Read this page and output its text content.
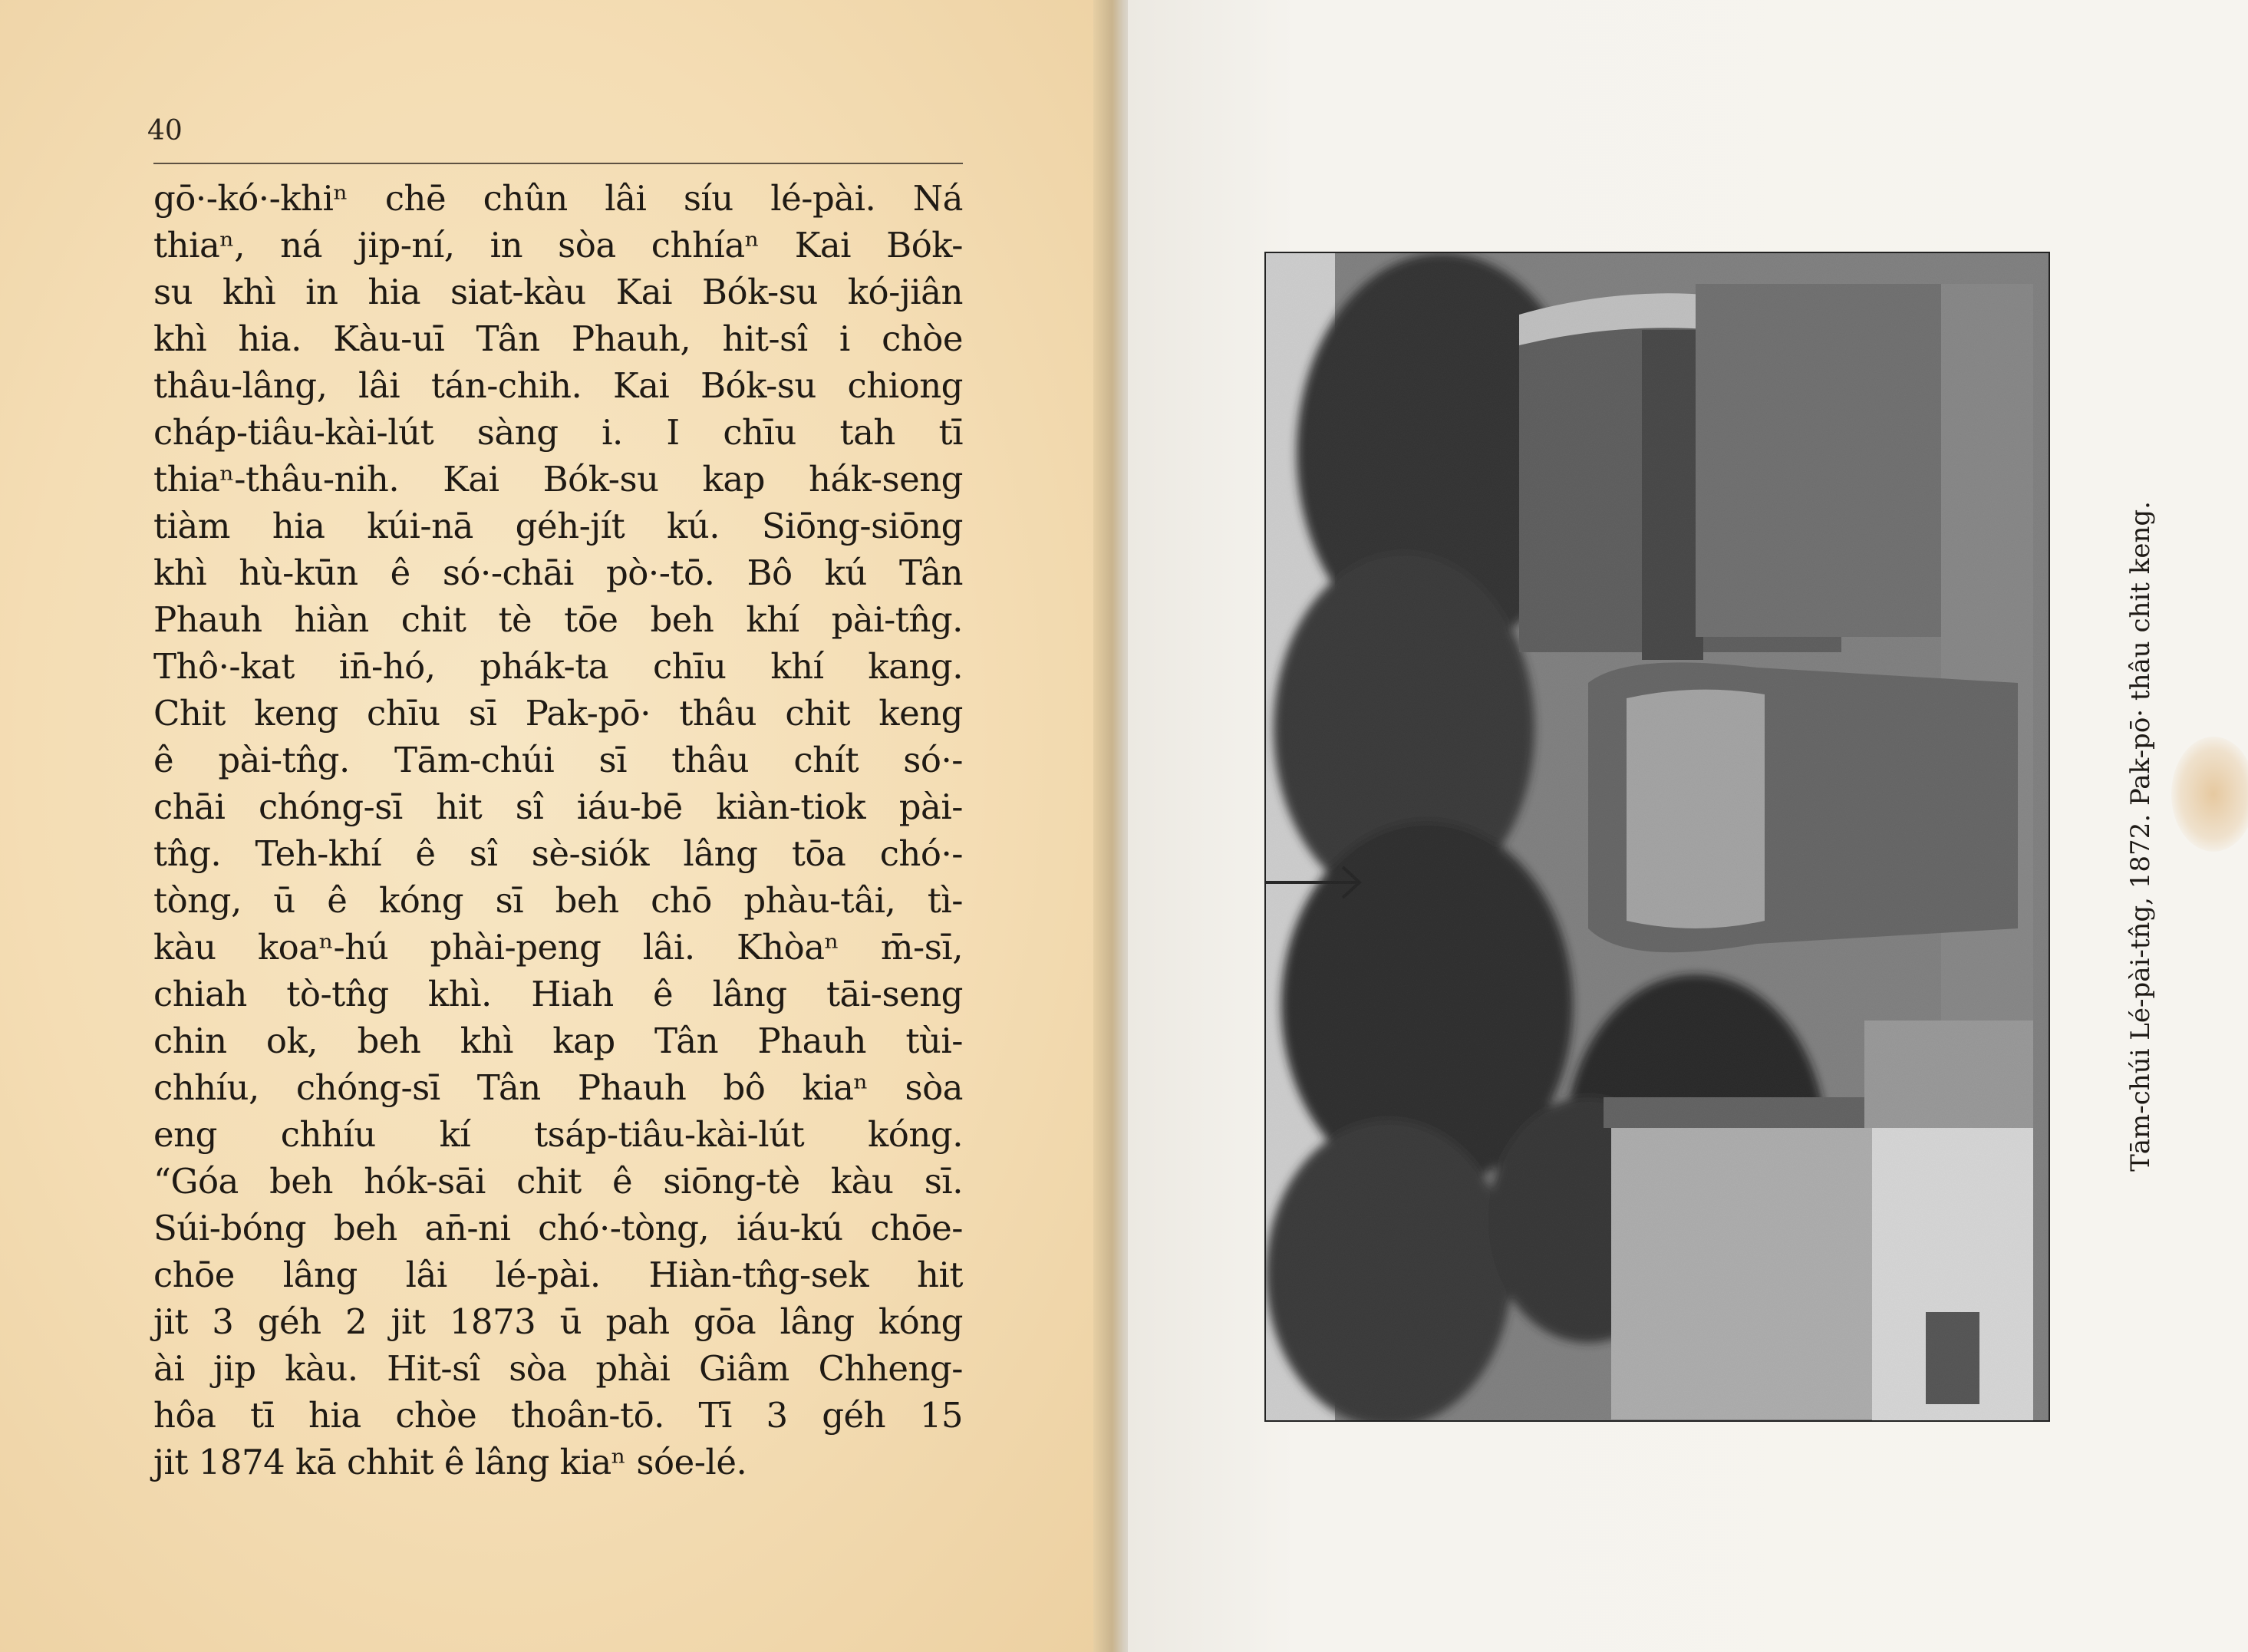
40
gō·-kó·-khiⁿ chē chûn lâi síu lé-pài. Ná
thiaⁿ, ná jip-ní, in sòa chhíaⁿ Kai Bók-
su khì in hia siat-kàu Kai Bók-su kó-jiân
khì hia. Kàu-uī Tân Phauh, hit-sî i chòe
thâu-lâng, lâi tán-chih. Kai Bók-su chiong
cháp-tiâu-kài-lút sàng i. I chīu tah tī
thiaⁿ-thâu-nih. Kai Bók-su kap hák-seng
tiàm hia kúi-nā géh-jít kú. Siōng-siōng
khì hù-kūn ê só·-chāi pò·-tō. Bô kú Tân
Phauh hiàn chit tè tōe beh khí pài-tn̂g.
Thô·-kat in̄-hó, phák-ta chīu khí kang.
Chit keng chīu sī Pak-pō· thâu chit keng
ê pài-tn̂g. Tām-chúi sī thâu chít só·-
chāi chóng-sī hit sî iáu-bē kiàn-tiok pài-
tn̂g. Teh-khí ê sî sè-siók lâng tōa chó·-
tòng, ū ê kóng sī beh chō phàu-tâi, tì-
kàu koaⁿ-hú phài-peng lâi. Khòaⁿ m̄-sī,
chiah tò-tn̂g khì. Hiah ê lâng tāi-seng
chin ok, beh khì kap Tân Phauh tùi-
chhíu, chóng-sī Tân Phauh bô kiaⁿ sòa
eng chhíu kí tsáp-tiâu-kài-lút kóng.
“Góa beh hók-sāi chit ê siōng-tè kàu sī.
Súi-bóng beh an̄-ni chó·-tòng, iáu-kú chōe-
chōe lâng lâi lé-pài. Hiàn-tn̂g-sek hit
jit 3 géh 2 jit 1873 ū pah gōa lâng kóng
ài jip kàu. Hit-sî sòa phài Giâm Chheng-
hôa tī hia chòe thoân-tō. Tī 3 géh 15
jit 1874 kā chhit ê lâng kiaⁿ sóe-lé.
Tām-chúi Lé-pài-tn̂g, 1872. Pak-pō· thâu chit keng.
